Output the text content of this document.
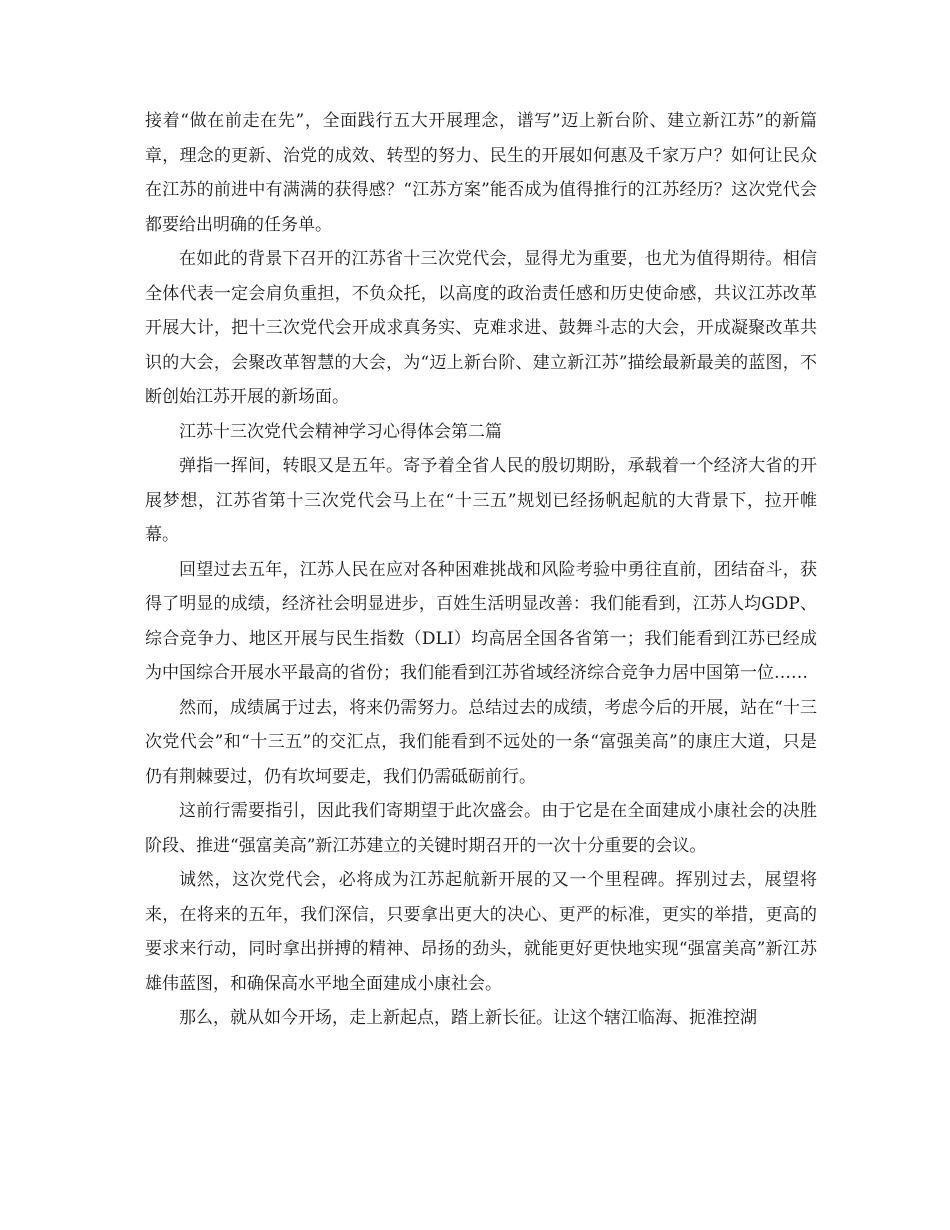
接着“做在前走在先”，全面践行五大开展理念，谱写”迈上新台阶、建立新江苏”的新篇章，理念的更新、治党的成效、转型的努力、民生的开展如何惠及千家万户？如何让民众在江苏的前进中有满满的获得感？“江苏方案”能否成为值得推行的江苏经历？这次党代会都要给出明确的任务单。

在如此的背景下召开的江苏省十三次党代会，显得尤为重要，也尤为值得期待。相信全体代表一定会肩负重担，不负众托，以高度的政治责任感和历史使命感，共议江苏改革开展大计，把十三次党代会开成求真务实、克难求进、鼓舞斗志的大会，开成凝聚改革共识的大会，会聚改革智慧的大会，为“迈上新台阶、建立新江苏”描绘最新最美的蓝图，不断创始江苏开展的新场面。

江苏十三次党代会精神学习心得体会第二篇

弹指一挥间，转眼又是五年。寄予着全省人民的殷切期盼，承载着一个经济大省的开展梦想，江苏省第十三次党代会马上在“十三五”规划已经扬帆起航的大背景下，拉开帷幕。

回望过去五年，江苏人民在应对各种困难挑战和风险考验中勇往直前，团结奋斗，获得了明显的成绩，经济社会明显进步，百姓生活明显改善：我们能看到，江苏人均GDP、综合竞争力、地区开展与民生指数（DLI）均高居全国各省第一；我们能看到江苏已经成为中国综合开展水平最高的省份；我们能看到江苏省域经济综合竞争力居中国第一位……

然而，成绩属于过去，将来仍需努力。总结过去的成绩，考虑今后的开展，站在“十三次党代会”和“十三五”的交汇点，我们能看到不远处的一条“富强美高”的康庄大道，只是仍有荆棘要过，仍有坎坷要走，我们仍需砥砺前行。

这前行需要指引，因此我们寄期望于此次盛会。由于它是在全面建成小康社会的决胜阶段、推进“强富美高”新江苏建立的关键时期召开的一次十分重要的会议。

诚然，这次党代会，必将成为江苏起航新开展的又一个里程碑。挥别过去，展望将来，在将来的五年，我们深信，只要拿出更大的决心、更严的标准，更实的举措，更高的要求来行动，同时拿出拼搏的精神、昂扬的劲头，就能更好更快地实现“强富美高”新江苏雄伟蓝图，和确保高水平地全面建成小康社会。

那么，就从如今开场，走上新起点，踏上新长征。让这个辖江临海、扼淮控湖
